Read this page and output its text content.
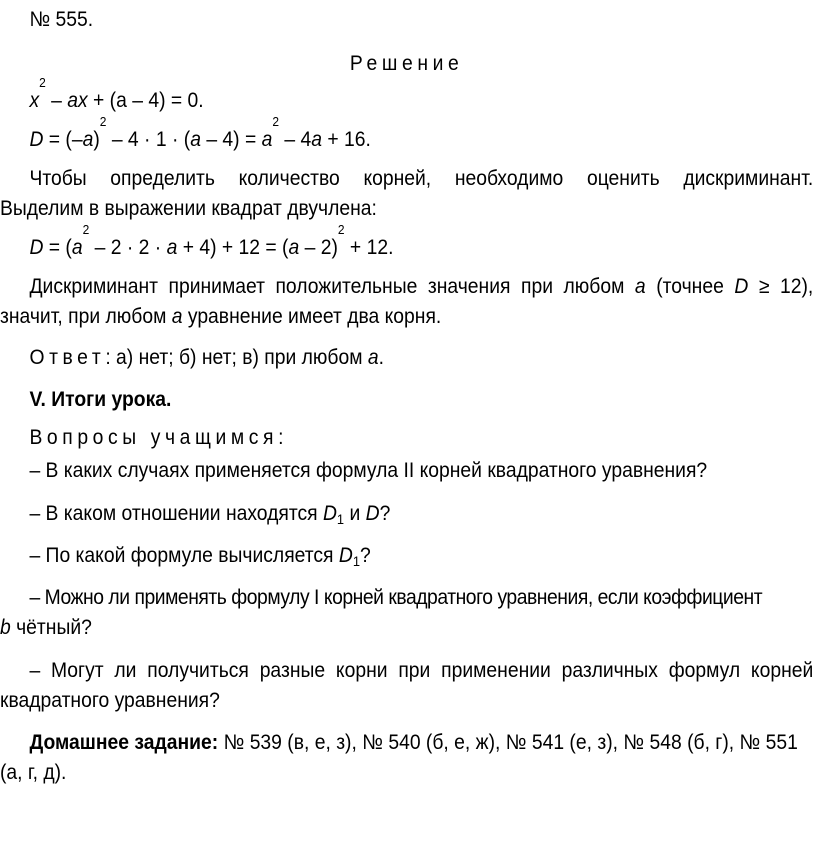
№ 555.
Решение
$x^2$ – ax + (a – 4) = 0.
$D = (-a)^2 - 4 \cdot 1 \cdot (a - 4) = a^2 - 4a + 16$.
Чтобы определить количество корней, необходимо оценить дискриминант.
Выделим в выражении квадрат двучлена:
$D = (a^2 - 2 \cdot 2 \cdot a + 4) + 12 = (a - 2)^2 + 12$.
Дискриминант принимает положительные значения при любом a (точнее D ≥ 12),
значит, при любом a уравнение имеет два корня.
Ответ: а) нет; б) нет; в) при любом a.
V. Итоги урока.
Вопросы учащимся:
– В каких случаях применяется формула II корней квадратного уравнения?
– В каком отношении находятся $D_1$ и D?
– По какой формуле вычисляется $D_1$?
– Можно ли применять формулу I корней квадратного уравнения, если коэффициент
b чётный?
– Могут ли получиться разные корни при применении различных формул корней
квадратного уравнения?
Домашнее задание: № 539 (в, е, з), № 540 (б, е, ж), № 541 (е, з), № 548 (б, г), № 551
(а, г, д).
